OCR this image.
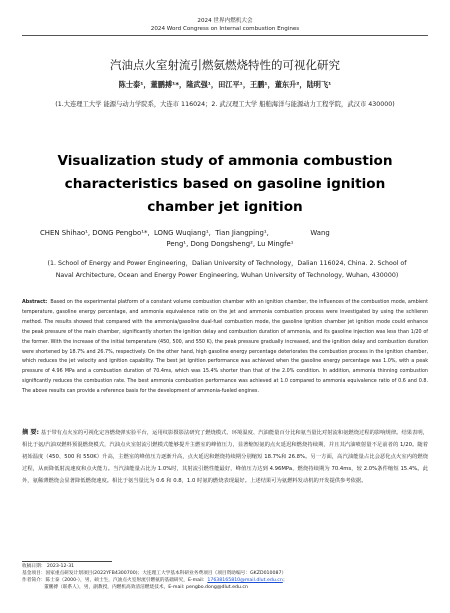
2024 世界内燃机大会
2024 Word Congress on Internal combustion Engines
汽油点火室射流引燃氨燃烧特性的可视化研究
陈士泰¹，董鹏搏¹*，隆武强¹，田江平¹，王鹏¹，董东升²，陆明飞¹
(1.大连理工大学 能源与动力学院系，大连市 116024；2. 武汉理工大学 船舶海洋与能源动力工程学院，武汉市 430000)
Visualization study of ammonia combustion characteristics based on gasoline ignition chamber jet ignition
CHEN Shihao¹, DONG Pengbo¹*,  LONG Wuqiang¹,  Tian Jiangping¹,                   Wang
Peng¹, Dong Dongsheng², Lu Mingfe¹
(1. School of Energy and Power Engineering，Dalian University of Technology，Dalian 116024, China. 2. School of Naval Architecture, Ocean and Energy Power Engineering, Wuhan University of Technology, Wuhan, 430000)
Abstract: Based on the experimental platform of a constant volume combustion chamber with an ignition chamber, the influences of the combustion mode, ambient temperature, gasoline energy percentage, and ammonia equivalence ratio on the jet and ammonia combustion process were investigated by using the schlieren method. The results showed that compared with the ammonia/gasoline dual-fuel combustion mode, the gasoline ignition chamber jet ignition mode could enhance the peak pressure of the main chamber, significantly shorten the ignition delay and combustion duration of ammonia, and its gasoline injection was less than 1/20 of the former. With the increase of the initial temperature (450, 500, and 550 K), the peak pressure gradually increased, and the ignition delay and combustion duration were shortened by 18.7% and 26.7%, respectively. On the other hand, high gasoline energy percentage deteriorates the combustion process in the ignition chamber, which reduces the jet velocity and ignition capability. The best jet ignition performance was achieved when the gasoline energy percentage was 1.0%, with a peak pressure of 4.96 MPa and a combustion duration of 70.4ms, which was 15.4% shorter than that of the 2.0% condition. In addition, ammonia thinning combustion significantly reduces the combustion rate. The best ammonia combustion performance was achieved at 1.0 compared to ammonia equivalence ratio of 0.6 and 0.8. The above results can provide a reference basis for the development of ammonia-fueled engines.
摘 要: 基于带有点火室的可视化定容燃烧弹实验平台，运用纹影摄影法研究了燃烧模式、环境温度、汽油能量百分比和氨当量比对射流和氨燃烧过程的影响规律。结果表明，相比于氨/汽油双燃料预混燃烧模式，汽油点火室射流引燃模式能够提升主燃室的峰值压力，显著缩短氨的点火延迟和燃烧持续期，并且其汽油喷射量不足前者的 1/20。随着初始温度（450、500 和 550K）升高，主燃室的峰值压力逐渐升高，点火延迟和燃烧持续期分别缩短 18.7%和 26.8%。另一方面，高汽油能量占比会恶化点火室内的燃烧过程，从而降低射流速度和点火能力。当汽油能量占比为 1.0%时，其射流引燃性能最好，峰值压力达到 4.96MPa，燃烧持续期为 70.4ms，较 2.0%条件缩短 15.4%。此外，氨稀薄燃烧会显著降低燃烧速度。相比于氨当量比为 0.6 和 0.8，1.0 时氨的燃烧表现最好。上述结果可为氨燃料发动机的开发提供参考依据。
收稿日期： 2023-12-31
基金项目：国家重点研发计划项目(2022YFB4300700)；大连理工大学基本科研业务费项目（项目资助编号：GKZD010087）
作者简介：陈士泰（2000-），男，硕士生，汽油点火室射流引燃氨的基础研究，E-mail：17638165810@mail.dlut.edu.cn；
董鹏搏（联系人），男，副教授，内燃机高效清洁燃烧技术，E-mail: pengbo.dong@dlut.edu.cn
